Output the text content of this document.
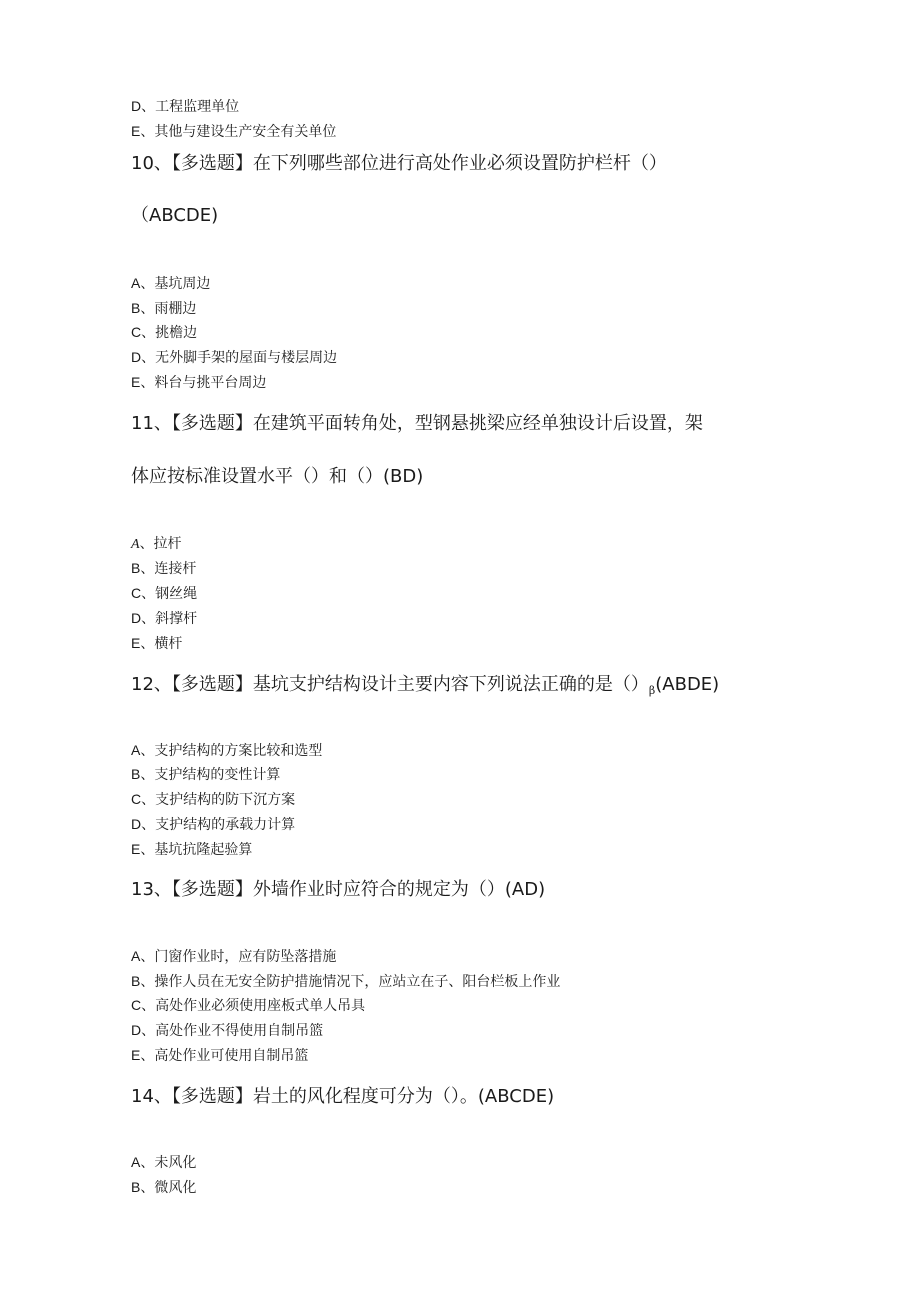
D、工程监理单位
E、其他与建设生产安全有关单位
10、【多选题】在下列哪些部位进行高处作业必须设置防护栏杆（）
（ABCDE)
A、基坑周边
B、雨棚边
C、挑檐边
D、无外脚手架的屋面与楼层周边
E、料台与挑平台周边
11、【多选题】在建筑平面转角处，型钢悬挑梁应经单独设计后设置，架
体应按标准设置水平（）和（）(BD)
A、拉杆
B、连接杆
C、钢丝绳
D、斜撑杆
E、横杆
12、【多选题】基坑支护结构设计主要内容下列说法正确的是$()_\beta(ABDE)$
A、支护结构的方案比较和选型
B、支护结构的变性计算
C、支护结构的防下沉方案
D、支护结构的承载力计算
E、基坑抗隆起验算
13、【多选题】外墙作业时应符合的规定为（）(AD)
A、门窗作业时，应有防坠落措施
B、操作人员在无安全防护措施情况下，应站立在子、阳台栏板上作业
C、高处作业必须使用座板式单人吊具
D、高处作业不得使用自制吊篮
E、高处作业可使用自制吊篮
14、【多选题】岩土的风化程度可分为（）。(ABCDE)
A、未风化
B、微风化
